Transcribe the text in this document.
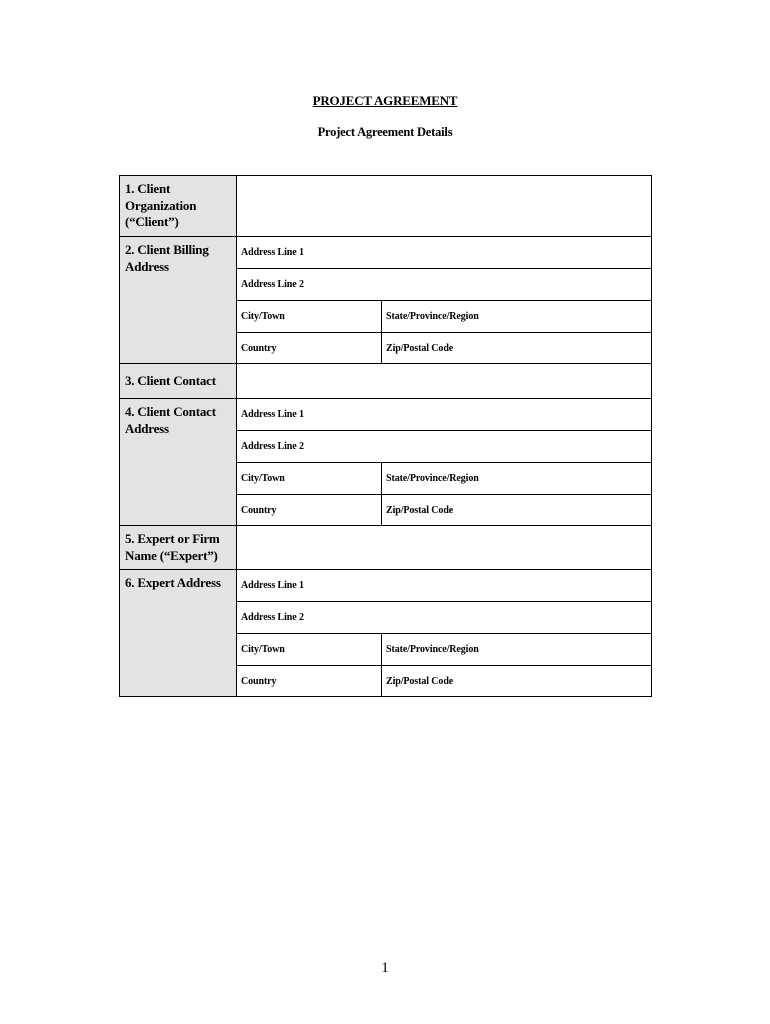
PROJECT AGREEMENT
Project Agreement Details
1. Client Organization (“Client”)		
2. Client Billing Address	Address Line 1	
	Address Line 2	
	City/Town	State/Province/Region
	Country	Zip/Postal Code
3. Client Contact		
4. Client Contact Address	Address Line 1	
	Address Line 2	
	City/Town	State/Province/Region
	Country	Zip/Postal Code
5. Expert or Firm Name (“Expert”)		
6. Expert Address	Address Line 1	
	Address Line 2	
	City/Town	State/Province/Region
	Country	Zip/Postal Code
1
